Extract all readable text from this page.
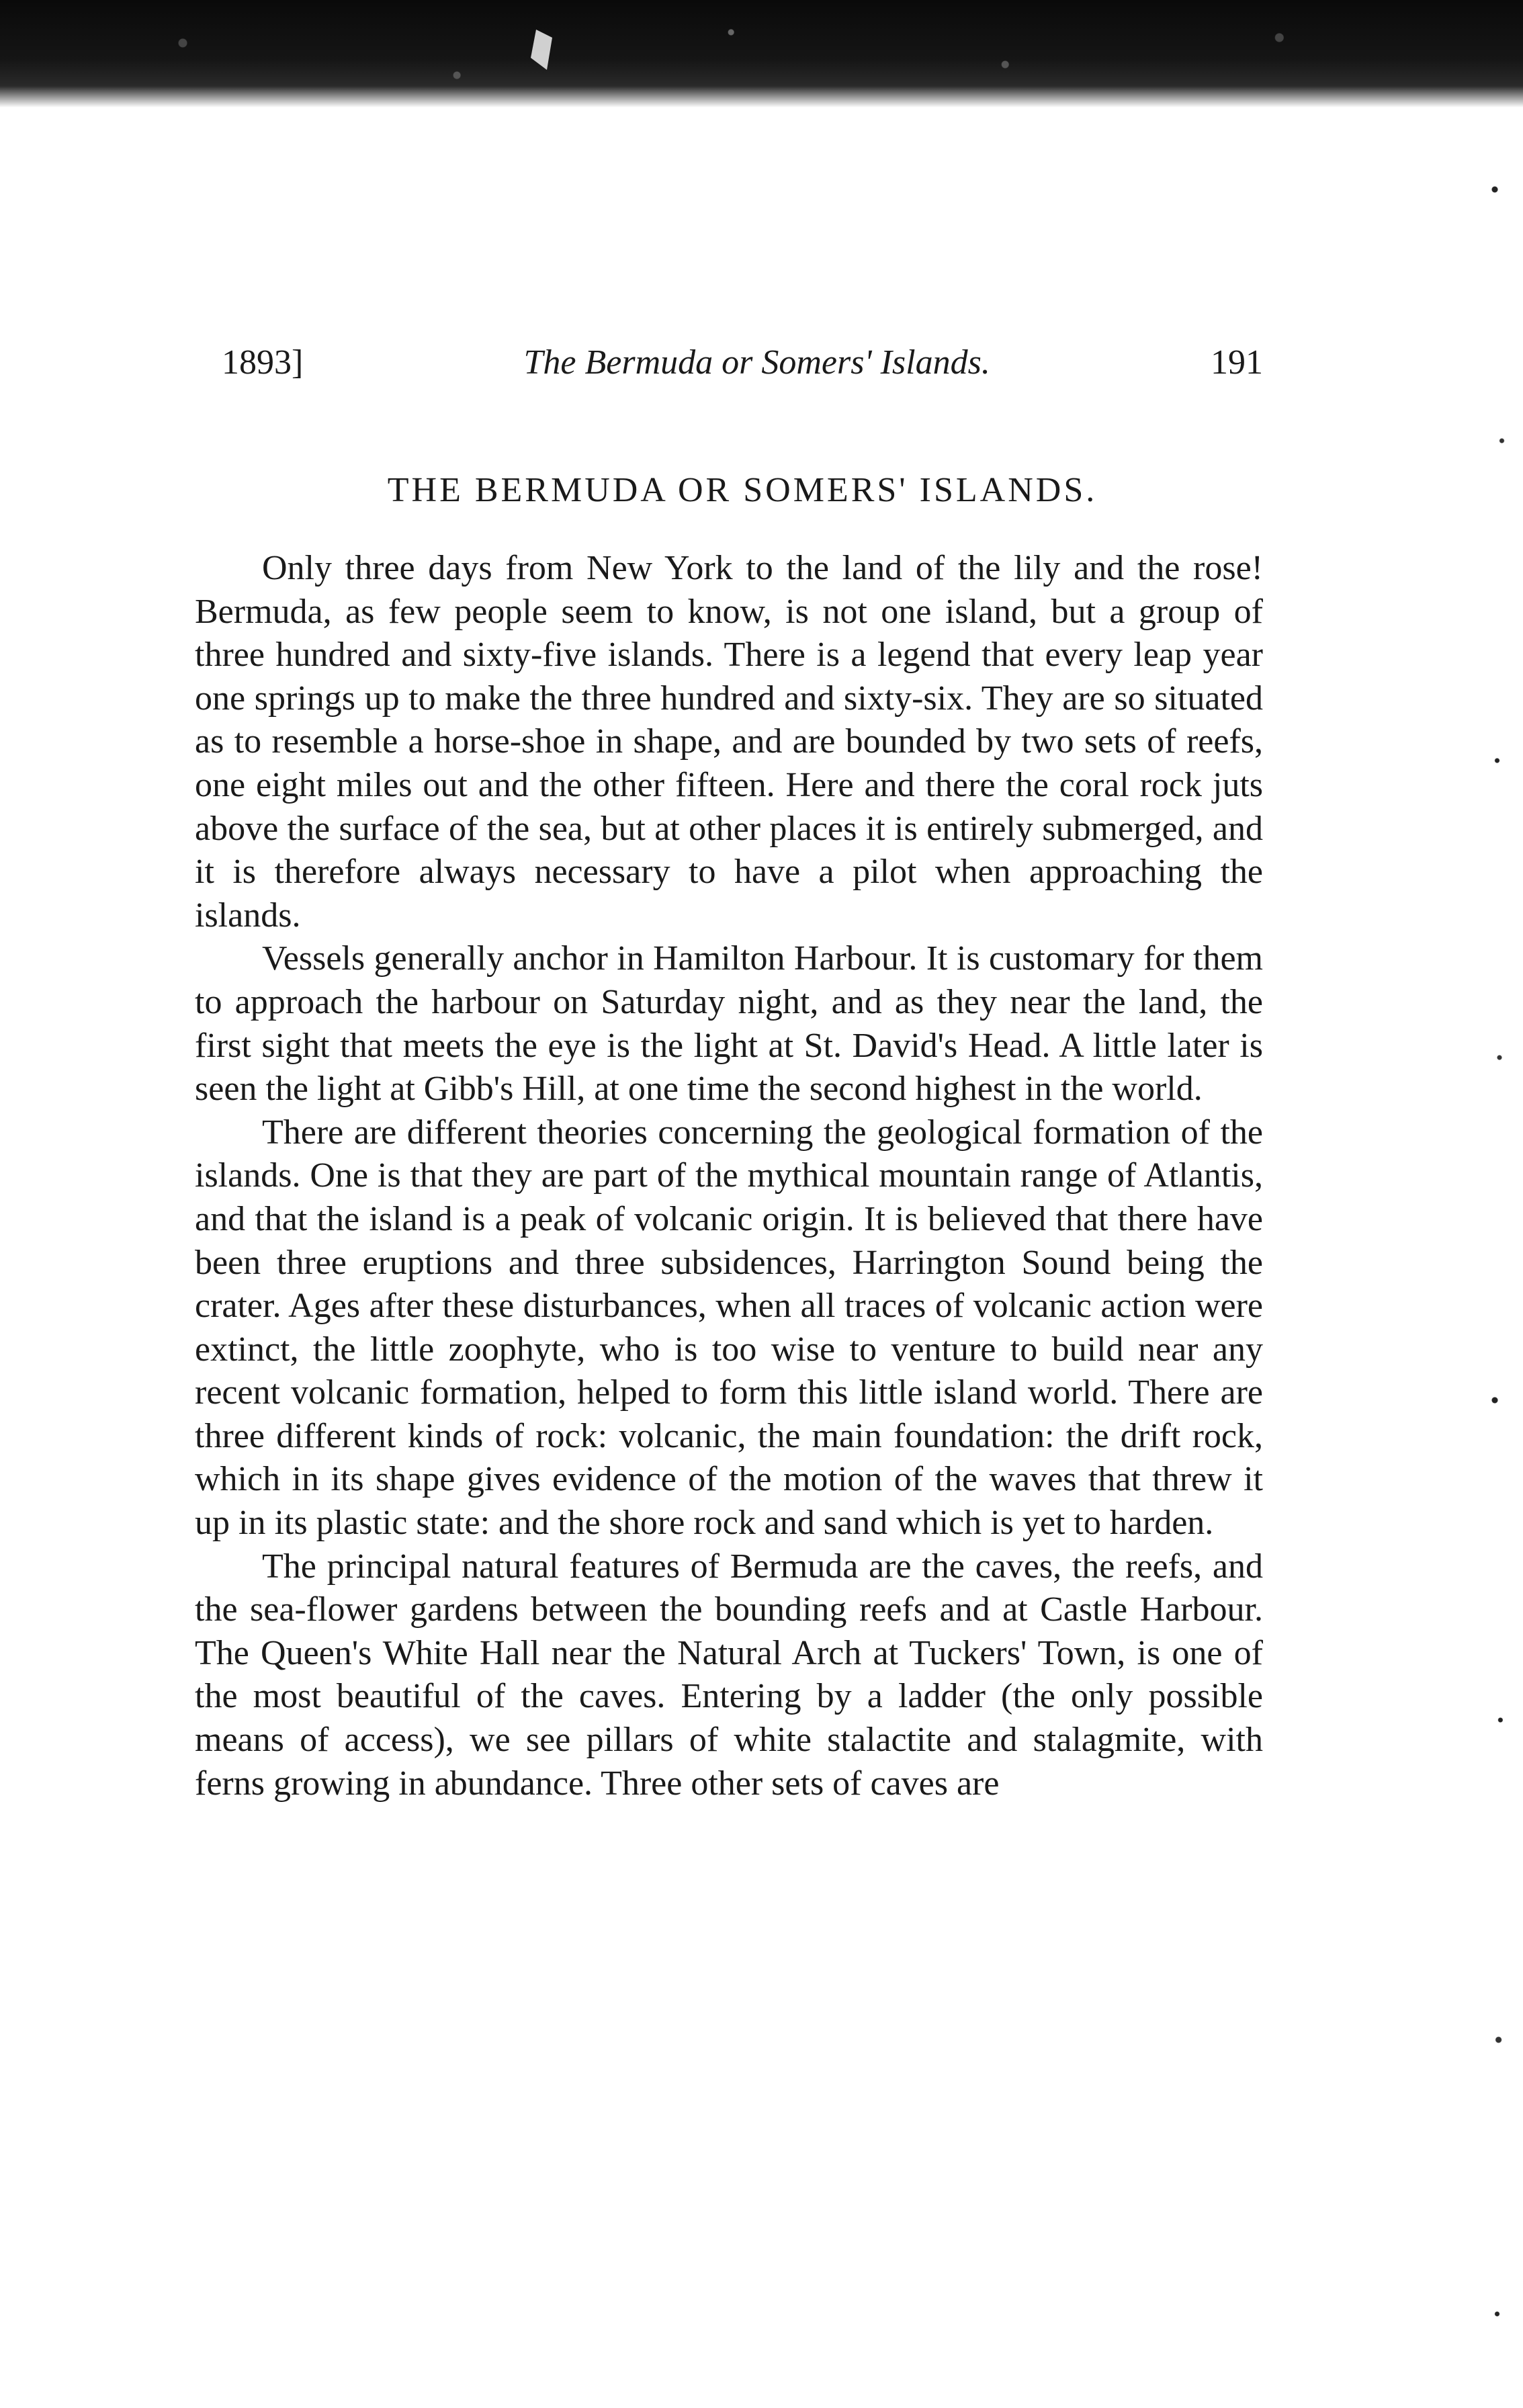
1893]	The Bermuda or Somers' Islands.	191
THE BERMUDA OR SOMERS' ISLANDS.

Only three days from New York to the land of the lily and the rose! Bermuda, as few people seem to know, is not one island, but a group of three hundred and sixty-five islands. There is a legend that every leap year one springs up to make the three hundred and sixty-six. They are so situated as to resemble a horse-shoe in shape, and are bounded by two sets of reefs, one eight miles out and the other fifteen. Here and there the coral rock juts above the surface of the sea, but at other places it is entirely submerged, and it is therefore always necessary to have a pilot when approaching the islands.

Vessels generally anchor in Hamilton Harbour. It is customary for them to approach the harbour on Saturday night, and as they near the land, the first sight that meets the eye is the light at St. David's Head. A little later is seen the light at Gibb's Hill, at one time the second highest in the world.

There are different theories concerning the geological formation of the islands. One is that they are part of the mythical mountain range of Atlantis, and that the island is a peak of volcanic origin. It is believed that there have been three eruptions and three subsidences, Harrington Sound being the crater. Ages after these disturbances, when all traces of volcanic action were extinct, the little zoophyte, who is too wise to venture to build near any recent volcanic formation, helped to form this little island world. There are three different kinds of rock: volcanic, the main foundation: the drift rock, which in its shape gives evidence of the motion of the waves that threw it up in its plastic state: and the shore rock and sand which is yet to harden.

The principal natural features of Bermuda are the caves, the reefs, and the sea-flower gardens between the bounding reefs and at Castle Harbour. The Queen's White Hall near the Natural Arch at Tuckers' Town, is one of the most beautiful of the caves. Entering by a ladder (the only possible means of access), we see pillars of white stalactite and stalagmite, with ferns growing in abundance. Three other sets of caves are
